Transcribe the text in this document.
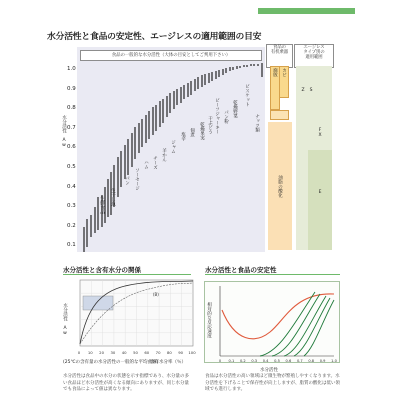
水分活性と食品の安定性、エージレスの適用範囲の目安
食品の一般的な水分活性（大体の目安としてご判用下さい）
水分活性 Aw
1.0
0.9
0.8
0.7
0.6
0.5
0.4
0.3
0.2
0.1
ナッツ類
ビスケット
乾燥野菜
パン粉
ビーフジャーキー
干ぶどう
乾燥果実
佃煮
塩辛
ジャム
羊かん
チーズ
ハム
ソーセージ
パン
生干し魚
生鮮食品
食品の
有机乗器
エージレス
タイプ別の
適用範囲
腐敗 カビ
油脂の酸化
Z S
FX
E
水分活性と含有水分の関係	水分活性と食品の安定性
水分活性 Aw
(B)
0 10 20 30 40 50 60 70 80 90 100
含有水分率（％）
(25℃の含有量の水分活性の一般的な平均曲線)
相対的な反応速度
0 0.1 0.2 0.3 0.4 0.5 0.6 0.7 0.8 0.9 1.0
水分活性
水分活性は食品中の水分の状態を示す指標であり、水分量の多い食品ほど水分活性が高くなる傾向にありますが、同じ水分量でも食品によって値は異なります。
食品は水分活性の高い領域ほど微生物が繁殖しやすくなります。水分活性を下げることで保存性が向上しますが、脂質の酸化は低い領域でも進行します。
